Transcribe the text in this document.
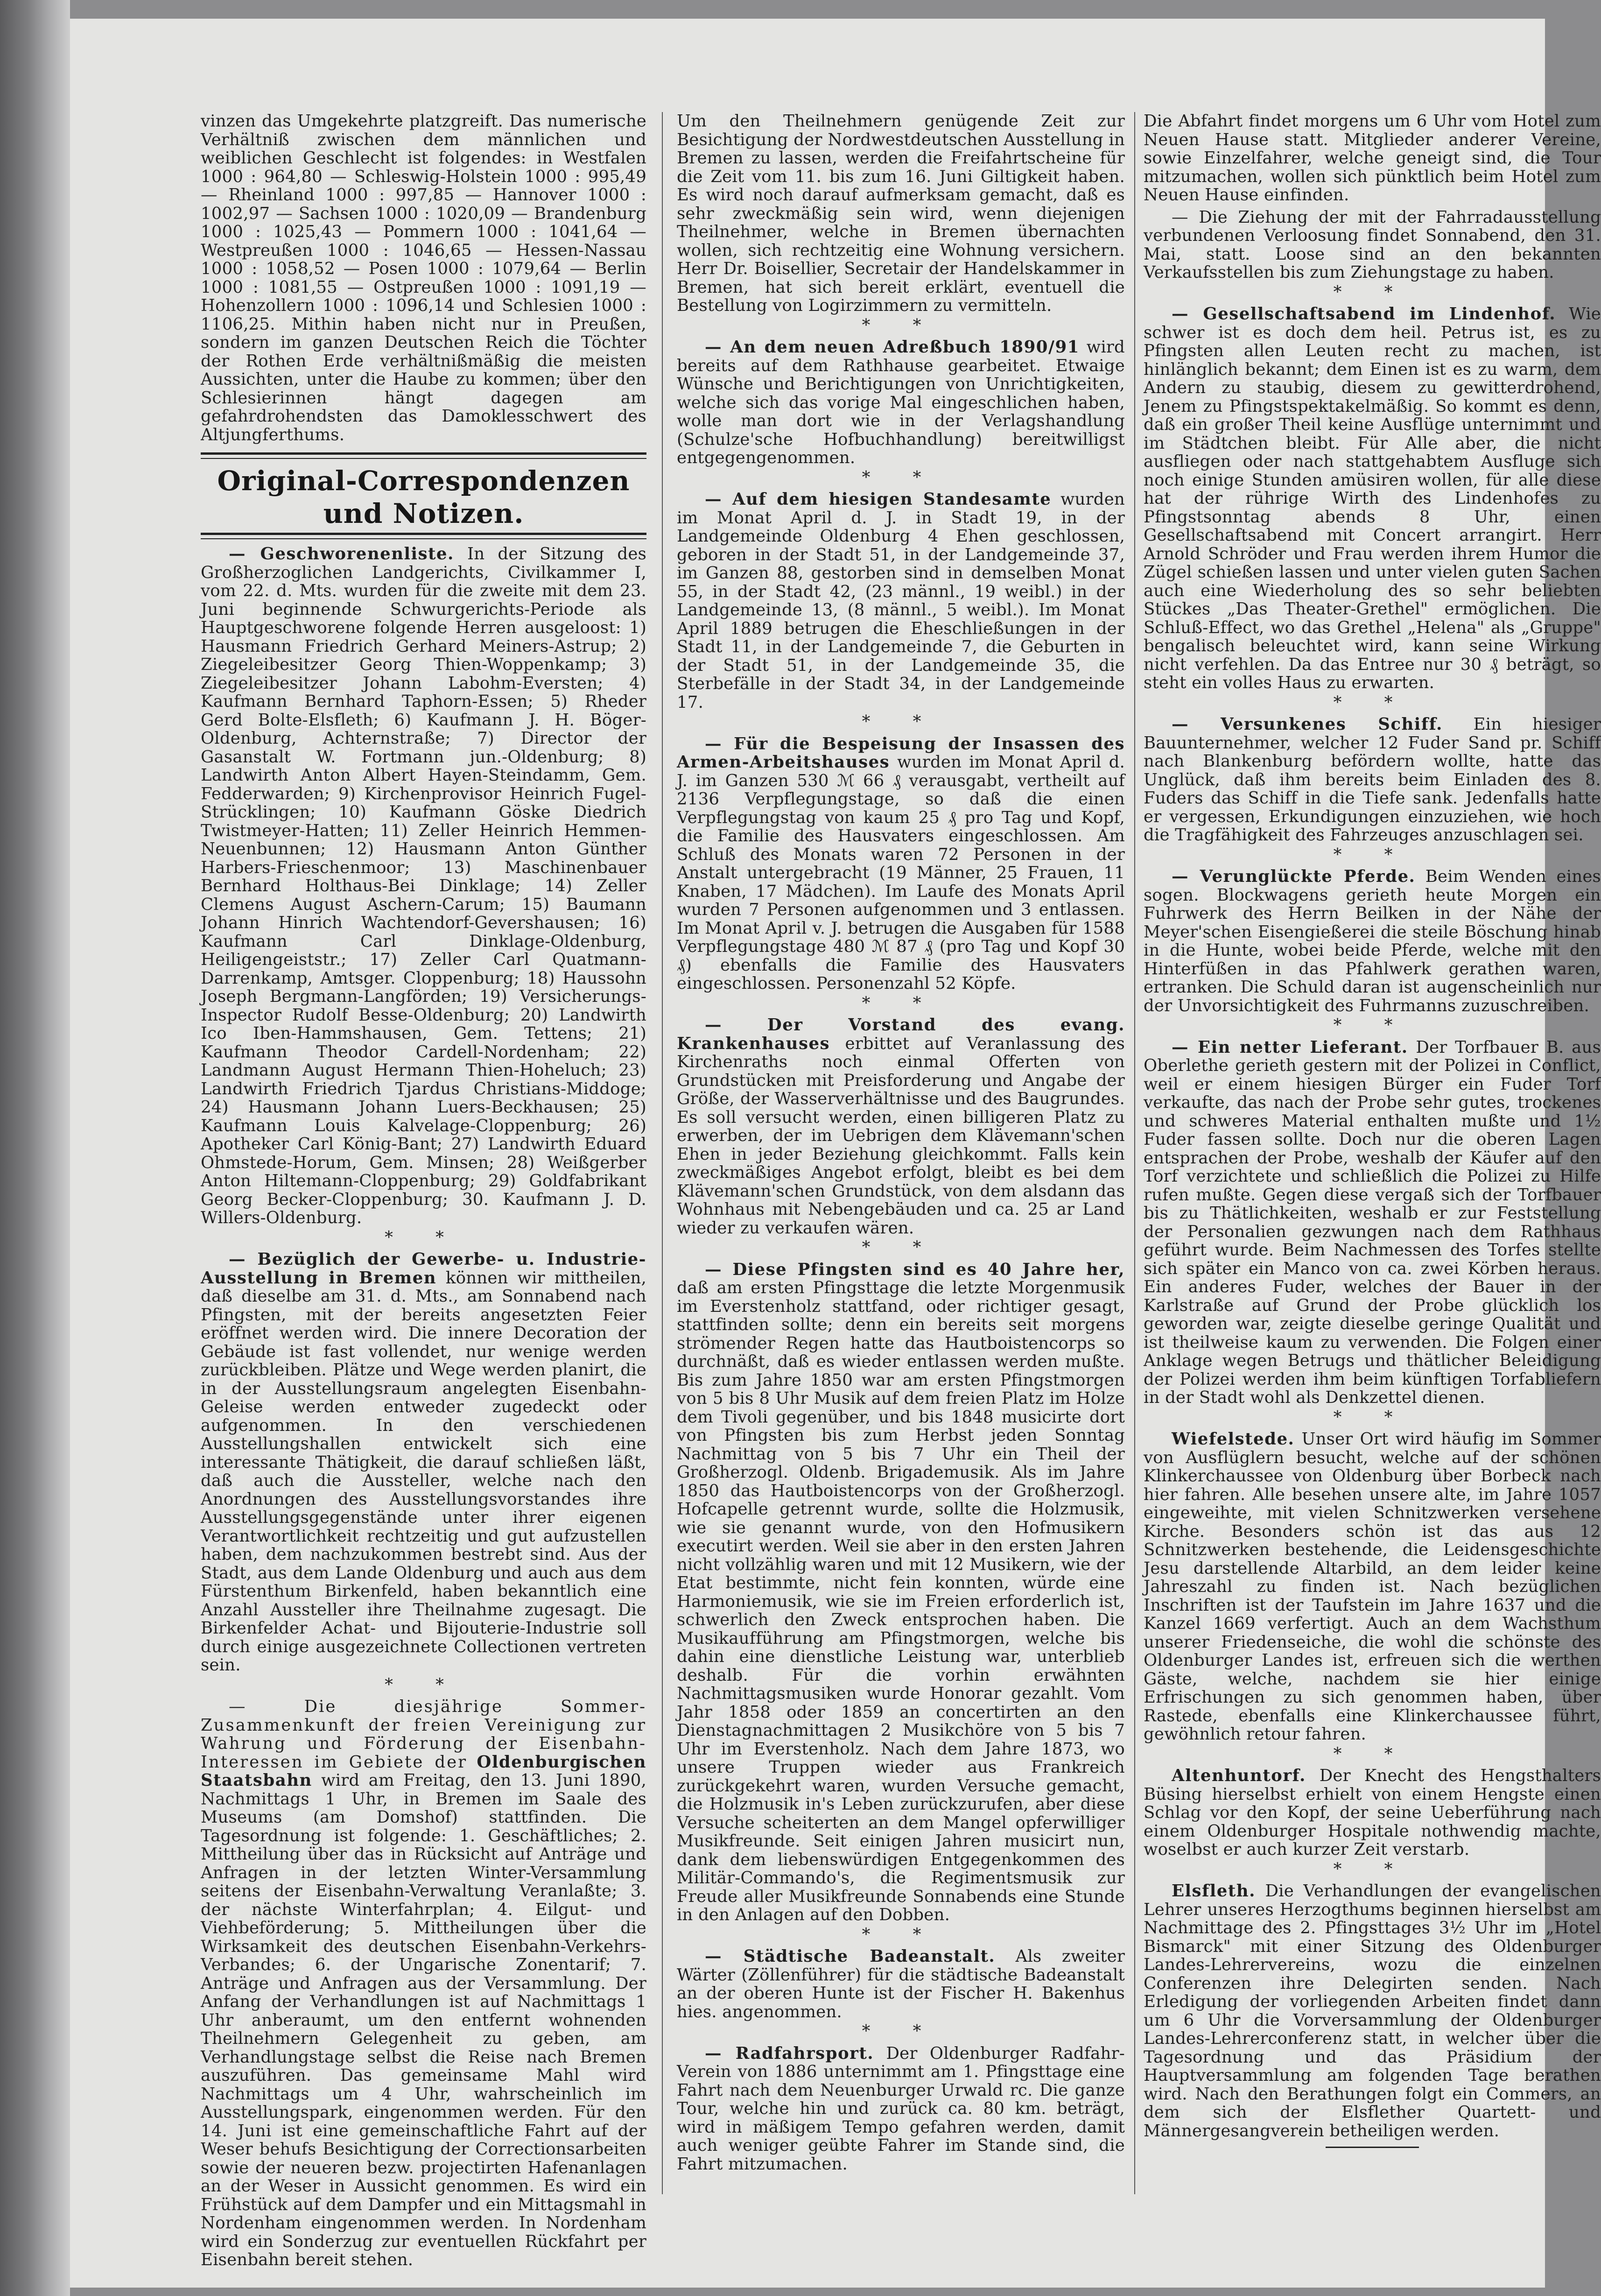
vinzen das Umgekehrte platzgreift. Das numerische Verhältniß zwischen dem männlichen und weiblichen Geschlecht ist folgendes: in Westfalen 1000 : 964,80 — Schleswig-Holstein 1000 : 995,49 — Rheinland 1000 : 997,85 — Hannover 1000 : 1002,97 — Sachsen 1000 : 1020,09 — Brandenburg 1000 : 1025,43 — Pommern 1000 : 1041,64 — Westpreußen 1000 : 1046,65 — Hessen-Nassau 1000 : 1058,52 — Posen 1000 : 1079,64 — Berlin 1000 : 1081,55 — Ostpreußen 1000 : 1091,19 — Hohenzollern 1000 : 1096,14 und Schlesien 1000 : 1106,25. Mithin haben nicht nur in Preußen, sondern im ganzen Deutschen Reich die Töchter der Rothen Erde verhältnißmäßig die meisten Aussichten, unter die Haube zu kommen; über den Schlesierinnen hängt dagegen am gefahrdrohendsten das Damoklesschwert des Altjungferthums.

Original-Correspondenzen und Notizen.

— Geschworenenliste. In der Sitzung des Großherzoglichen Landgerichts, Civilkammer I, vom 22. d. Mts. wurden für die zweite mit dem 23. Juni beginnende Schwurgerichts-Periode als Hauptgeschworene folgende Herren ausgeloost: 1) Hausmann Friedrich Gerhard Meiners-Astrup; 2) Ziegeleibesitzer Georg Thien-Woppenkamp; 3) Ziegeleibesitzer Johann Labohm-Eversten; 4) Kaufmann Bernhard Taphorn-Essen; 5) Rheder Gerd Bolte-Elsfleth; 6) Kaufmann J. H. Böger-Oldenburg, Achternstraße; 7) Director der Gasanstalt W. Fortmann jun.-Oldenburg; 8) Landwirth Anton Albert Hayen-Steindamm, Gem. Fedderwarden; 9) Kirchenprovisor Heinrich Fugel-Strücklingen; 10) Kaufmann Göske Diedrich Twistmeyer-Hatten; 11) Zeller Heinrich Hemmen-Neuenbunnen; 12) Hausmann Anton Günther Harbers-Frieschenmoor; 13) Maschinenbauer Bernhard Holthaus-Bei Dinklage; 14) Zeller Clemens August Aschern-Carum; 15) Baumann Johann Hinrich Wachtendorf-Gevershausen; 16) Kaufmann Carl Dinklage-Oldenburg, Heiligengeiststr.; 17) Zeller Carl Quatmann-Darrenkamp, Amtsger. Cloppenburg; 18) Haussohn Joseph Bergmann-Langförden; 19) Versicherungs-Inspector Rudolf Besse-Oldenburg; 20) Landwirth Ico Iben-Hammshausen, Gem. Tettens; 21) Kaufmann Theodor Cardell-Nordenham; 22) Landmann August Hermann Thien-Hoheluch; 23) Landwirth Friedrich Tjardus Christians-Middoge; 24) Hausmann Johann Luers-Beckhausen; 25) Kaufmann Louis Kalvelage-Cloppenburg; 26) Apotheker Carl König-Bant; 27) Landwirth Eduard Ohmstede-Horum, Gem. Minsen; 28) Weißgerber Anton Hiltemann-Cloppenburg; 29) Goldfabrikant Georg Becker-Cloppenburg; 30. Kaufmann J. D. Willers-Oldenburg.

* *

— Bezüglich der Gewerbe- u. Industrie-Ausstellung in Bremen können wir mittheilen, daß dieselbe am 31. d. Mts., am Sonnabend nach Pfingsten, mit der bereits angesetzten Feier eröffnet werden wird. Die innere Decoration der Gebäude ist fast vollendet, nur wenige werden zurückbleiben. Plätze und Wege werden planirt, die in der Ausstellungsraum angelegten Eisenbahn-Geleise werden entweder zugedeckt oder aufgenommen. In den verschiedenen Ausstellungshallen entwickelt sich eine interessante Thätigkeit, die darauf schließen läßt, daß auch die Aussteller, welche nach den Anordnungen des Ausstellungsvorstandes ihre Ausstellungsgegenstände unter ihrer eigenen Verantwortlichkeit rechtzeitig und gut aufzustellen haben, dem nachzukommen bestrebt sind. Aus der Stadt, aus dem Lande Oldenburg und auch aus dem Fürstenthum Birkenfeld, haben bekanntlich eine Anzahl Aussteller ihre Theilnahme zugesagt. Die Birkenfelder Achat- und Bijouterie-Industrie soll durch einige ausgezeichnete Collectionen vertreten sein.

* *

— Die diesjährige Sommer-Zusammenkunft der freien Vereinigung zur Wahrung und Förderung der Eisenbahn-Interessen im Gebiete der Oldenburgischen Staatsbahn wird am Freitag, den 13. Juni 1890, Nachmittags 1 Uhr, in Bremen im Saale des Museums (am Domshof) stattfinden. Die Tagesordnung ist folgende: 1. Geschäftliches; 2. Mittheilung über das in Rücksicht auf Anträge und Anfragen in der letzten Winter-Versammlung seitens der Eisenbahn-Verwaltung Veranlaßte; 3. der nächste Winterfahrplan; 4. Eilgut- und Viehbeförderung; 5. Mittheilungen über die Wirksamkeit des deutschen Eisenbahn-Verkehrs-Verbandes; 6. der Ungarische Zonentarif; 7. Anträge und Anfragen aus der Versammlung. Der Anfang der Verhandlungen ist auf Nachmittags 1 Uhr anberaumt, um den entfernt wohnenden Theilnehmern Gelegenheit zu geben, am Verhandlungstage selbst die Reise nach Bremen auszuführen. Das gemeinsame Mahl wird Nachmittags um 4 Uhr, wahrscheinlich im Ausstellungspark, eingenommen werden. Für den 14. Juni ist eine gemeinschaftliche Fahrt auf der Weser behufs Besichtigung der Correctionsarbeiten sowie der neueren bezw. projectirten Hafenanlagen an der Weser in Aussicht genommen. Es wird ein Frühstück auf dem Dampfer und ein Mittagsmahl in Nordenham eingenommen werden. In Nordenham wird ein Sonderzug zur eventuellen Rückfahrt per Eisenbahn bereit stehen.

Um den Theilnehmern genügende Zeit zur Besichtigung der Nordwestdeutschen Ausstellung in Bremen zu lassen, werden die Freifahrtscheine für die Zeit vom 11. bis zum 16. Juni Giltigkeit haben. Es wird noch darauf aufmerksam gemacht, daß es sehr zweckmäßig sein wird, wenn diejenigen Theilnehmer, welche in Bremen übernachten wollen, sich rechtzeitig eine Wohnung versichern. Herr Dr. Boisellier, Secretair der Handelskammer in Bremen, hat sich bereit erklärt, eventuell die Bestellung von Logirzimmern zu vermitteln.

* *

— An dem neuen Adreßbuch 1890/91 wird bereits auf dem Rathhause gearbeitet. Etwaige Wünsche und Berichtigungen von Unrichtigkeiten, welche sich das vorige Mal eingeschlichen haben, wolle man dort wie in der Verlagshandlung (Schulze'sche Hofbuchhandlung) bereitwilligst entgegengenommen.

* *

— Auf dem hiesigen Standesamte wurden im Monat April d. J. in Stadt 19, in der Landgemeinde Oldenburg 4 Ehen geschlossen, geboren in der Stadt 51, in der Landgemeinde 37, im Ganzen 88, gestorben sind in demselben Monat 55, in der Stadt 42, (23 männl., 19 weibl.) in der Landgemeinde 13, (8 männl., 5 weibl.). Im Monat April 1889 betrugen die Eheschließungen in der Stadt 11, in der Landgemeinde 7, die Geburten in der Stadt 51, in der Landgemeinde 35, die Sterbefälle in der Stadt 34, in der Landgemeinde 17.

* *

— Für die Bespeisung der Insassen des Armen-Arbeitshauses wurden im Monat April d. J. im Ganzen 530 ℳ 66 ₰ verausgabt, vertheilt auf 2136 Verpflegungstage, so daß die einen Verpflegungstag von kaum 25 ₰ pro Tag und Kopf, die Familie des Hausvaters eingeschlossen. Am Schluß des Monats waren 72 Personen in der Anstalt untergebracht (19 Männer, 25 Frauen, 11 Knaben, 17 Mädchen). Im Laufe des Monats April wurden 7 Personen aufgenommen und 3 entlassen. Im Monat April v. J. betrugen die Ausgaben für 1588 Verpflegungstage 480 ℳ 87 ₰ (pro Tag und Kopf 30 ₰) ebenfalls die Familie des Hausvaters eingeschlossen. Personenzahl 52 Köpfe.

* *

— Der Vorstand des evang. Krankenhauses erbittet auf Veranlassung des Kirchenraths noch einmal Offerten von Grundstücken mit Preisforderung und Angabe der Größe, der Wasserverhältnisse und des Baugrundes. Es soll versucht werden, einen billigeren Platz zu erwerben, der im Uebrigen dem Klävemann'schen Ehen in jeder Beziehung gleichkommt. Falls kein zweckmäßiges Angebot erfolgt, bleibt es bei dem Klävemann'schen Grundstück, von dem alsdann das Wohnhaus mit Nebengebäuden und ca. 25 ar Land wieder zu verkaufen wären.

* *

— Diese Pfingsten sind es 40 Jahre her, daß am ersten Pfingsttage die letzte Morgenmusik im Everstenholz stattfand, oder richtiger gesagt, stattfinden sollte; denn ein bereits seit morgens strömender Regen hatte das Hautboistencorps so durchnäßt, daß es wieder entlassen werden mußte. Bis zum Jahre 1850 war am ersten Pfingstmorgen von 5 bis 8 Uhr Musik auf dem freien Platz im Holze dem Tivoli gegenüber, und bis 1848 musicirte dort von Pfingsten bis zum Herbst jeden Sonntag Nachmittag von 5 bis 7 Uhr ein Theil der Großherzogl. Oldenb. Brigademusik. Als im Jahre 1850 das Hautboistencorps von der Großherzogl. Hofcapelle getrennt wurde, sollte die Holzmusik, wie sie genannt wurde, von den Hofmusikern executirt werden. Weil sie aber in den ersten Jahren nicht vollzählig waren und mit 12 Musikern, wie der Etat bestimmte, nicht fein konnten, würde eine Harmoniemusik, wie sie im Freien erforderlich ist, schwerlich den Zweck entsprochen haben. Die Musikaufführung am Pfingstmorgen, welche bis dahin eine dienstliche Leistung war, unterblieb deshalb. Für die vorhin erwähnten Nachmittagsmusiken wurde Honorar gezahlt. Vom Jahr 1858 oder 1859 an concertirten an den Dienstagnachmittagen 2 Musikchöre von 5 bis 7 Uhr im Everstenholz. Nach dem Jahre 1873, wo unsere Truppen wieder aus Frankreich zurückgekehrt waren, wurden Versuche gemacht, die Holzmusik in's Leben zurückzurufen, aber diese Versuche scheiterten an dem Mangel opferwilliger Musikfreunde. Seit einigen Jahren musicirt nun, dank dem liebenswürdigen Entgegenkommen des Militär-Commando's, die Regimentsmusik zur Freude aller Musikfreunde Sonnabends eine Stunde in den Anlagen auf den Dobben.

* *

— Städtische Badeanstalt. Als zweiter Wärter (Zöllenführer) für die städtische Badeanstalt an der oberen Hunte ist der Fischer H. Bakenhus hies. angenommen.

* *

— Radfahrsport. Der Oldenburger Radfahr-Verein von 1886 unternimmt am 1. Pfingsttage eine Fahrt nach dem Neuenburger Urwald rc. Die ganze Tour, welche hin und zurück ca. 80 km. beträgt, wird in mäßigem Tempo gefahren werden, damit auch weniger geübte Fahrer im Stande sind, die Fahrt mitzumachen.

Die Abfahrt findet morgens um 6 Uhr vom Hotel zum Neuen Hause statt. Mitglieder anderer Vereine, sowie Einzelfahrer, welche geneigt sind, die Tour mitzumachen, wollen sich pünktlich beim Hotel zum Neuen Hause einfinden.

— Die Ziehung der mit der Fahrradausstellung verbundenen Verloosung findet Sonnabend, den 31. Mai, statt. Loose sind an den bekannten Verkaufsstellen bis zum Ziehungstage zu haben.

* *

— Gesellschaftsabend im Lindenhof. Wie schwer ist es doch dem heil. Petrus ist, es zu Pfingsten allen Leuten recht zu machen, ist hinlänglich bekannt; dem Einen ist es zu warm, dem Andern zu staubig, diesem zu gewitterdrohend, Jenem zu Pfingstspektakelmäßig. So kommt es denn, daß ein großer Theil keine Ausflüge unternimmt und im Städtchen bleibt. Für Alle aber, die nicht ausfliegen oder nach stattgehabtem Ausfluge sich noch einige Stunden amüsiren wollen, für alle diese hat der rührige Wirth des Lindenhofes zu Pfingstsonntag abends 8 Uhr, einen Gesellschaftsabend mit Concert arrangirt. Herr Arnold Schröder und Frau werden ihrem Humor die Zügel schießen lassen und unter vielen guten Sachen auch eine Wiederholung des so sehr beliebten Stückes „Das Theater-Grethel" ermöglichen. Die Schluß-Effect, wo das Grethel „Helena" als „Gruppe" bengalisch beleuchtet wird, kann seine Wirkung nicht verfehlen. Da das Entree nur 30 ₰ beträgt, so steht ein volles Haus zu erwarten.

* *

— Versunkenes Schiff. Ein hiesiger Bauunternehmer, welcher 12 Fuder Sand pr. Schiff nach Blankenburg befördern wollte, hatte das Unglück, daß ihm bereits beim Einladen des 8. Fuders das Schiff in die Tiefe sank. Jedenfalls hatte er vergessen, Erkundigungen einzuziehen, wie hoch die Tragfähigkeit des Fahrzeuges anzuschlagen sei.

* *

— Verunglückte Pferde. Beim Wenden eines sogen. Blockwagens gerieth heute Morgen ein Fuhrwerk des Herrn Beilken in der Nähe der Meyer'schen Eisengießerei die steile Böschung hinab in die Hunte, wobei beide Pferde, welche mit den Hinterfüßen in das Pfahlwerk gerathen waren, ertranken. Die Schuld daran ist augenscheinlich nur der Unvorsichtigkeit des Fuhrmanns zuzuschreiben.

* *

— Ein netter Lieferant. Der Torfbauer B. aus Oberlethe gerieth gestern mit der Polizei in Conflict, weil er einem hiesigen Bürger ein Fuder Torf verkaufte, das nach der Probe sehr gutes, trockenes und schweres Material enthalten mußte und 1½ Fuder fassen sollte. Doch nur die oberen Lagen entsprachen der Probe, weshalb der Käufer auf den Torf verzichtete und schließlich die Polizei zu Hilfe rufen mußte. Gegen diese vergaß sich der Torfbauer bis zu Thätlichkeiten, weshalb er zur Feststellung der Personalien gezwungen nach dem Rathhaus geführt wurde. Beim Nachmessen des Torfes stellte sich später ein Manco von ca. zwei Körben heraus. Ein anderes Fuder, welches der Bauer in der Karlstraße auf Grund der Probe glücklich los geworden war, zeigte dieselbe geringe Qualität und ist theilweise kaum zu verwenden. Die Folgen einer Anklage wegen Betrugs und thätlicher Beleidigung der Polizei werden ihm beim künftigen Torfabliefern in der Stadt wohl als Denkzettel dienen.

* *

Wiefelstede. Unser Ort wird häufig im Sommer von Ausflüglern besucht, welche auf der schönen Klinkerchaussee von Oldenburg über Borbeck nach hier fahren. Alle besehen unsere alte, im Jahre 1057 eingeweihte, mit vielen Schnitzwerken versehene Kirche. Besonders schön ist das aus 12 Schnitzwerken bestehende, die Leidensgeschichte Jesu darstellende Altarbild, an dem leider keine Jahreszahl zu finden ist. Nach bezüglichen Inschriften ist der Taufstein im Jahre 1637 und die Kanzel 1669 verfertigt. Auch an dem Wachsthum unserer Friedenseiche, die wohl die schönste des Oldenburger Landes ist, erfreuen sich die werthen Gäste, welche, nachdem sie hier einige Erfrischungen zu sich genommen haben, über Rastede, ebenfalls eine Klinkerchaussee führt, gewöhnlich retour fahren.

* *

Altenhuntorf. Der Knecht des Hengsthalters Büsing hierselbst erhielt von einem Hengste einen Schlag vor den Kopf, der seine Ueberführung nach einem Oldenburger Hospitale nothwendig machte, woselbst er auch kurzer Zeit verstarb.

* *

Elsfleth. Die Verhandlungen der evangelischen Lehrer unseres Herzogthums beginnen hierselbst am Nachmittage des 2. Pfingsttages 3½ Uhr im „Hotel Bismarck" mit einer Sitzung des Oldenburger Landes-Lehrervereins, wozu die einzelnen Conferenzen ihre Delegirten senden. Nach Erledigung der vorliegenden Arbeiten findet dann um 6 Uhr die Vorversammlung der Oldenburger Landes-Lehrerconferenz statt, in welcher über die Tagesordnung und das Präsidium der Hauptversammlung am folgenden Tage berathen wird. Nach den Berathungen folgt ein Commers, an dem sich der Elsflether Quartett- und Männergesangverein betheiligen werden.
